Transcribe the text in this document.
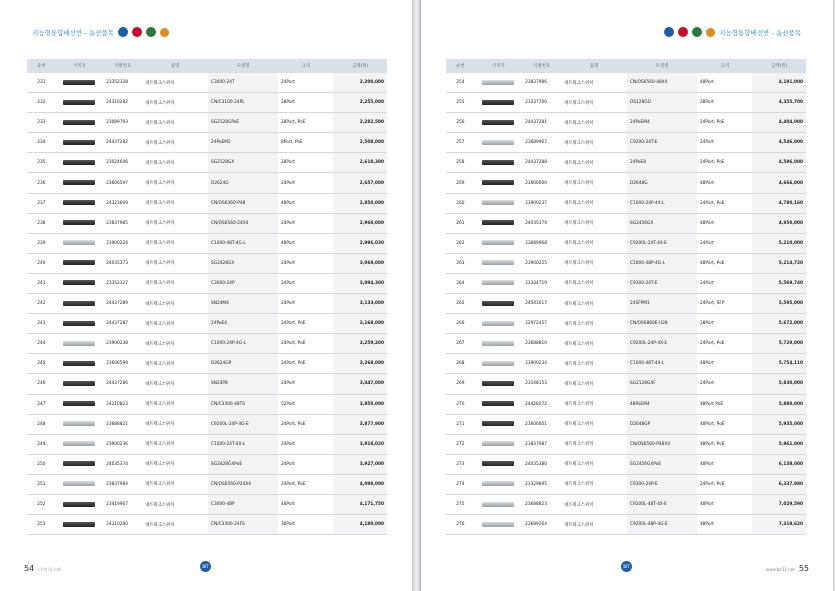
지능형통합배선반 - 옵션품목
순번	이미지	식별번호	품명	모델명	규격	금액(원)
231		23352328	네트워크스위치	C3000-24T	24Port	2,200,000
232		24310282	네트워크스위치	CN/C3100-24PL	28Port	2,255,000
233		23089793	네트워크스위치	SG2128GPoE	28Port, PoE	2,282,500
234		24437282	네트워크스위치	24PoEM2	8Port, PoE	2,508,000
235		23024646	네트워크스위치	SG2128GX	28Port	2,610,300
236		23606597	네트워크스위치	D2624G	24Port	2,657,000
237		24323609	네트워크스위치	CN/OS6360-P48	48Port	2,850,000
238		23837985	네트워크스위치	CN/OS6560-24X4	24Port	2,960,000
239		23900224	네트워크스위치	C1000-48T-4G-L	48Port	2,996,030
240		24035373	네트워크스위치	SG2428GX	24Port	3,069,000
241		23352327	네트워크스위치	C3000-24P	24Port	3,094,300
242		24437289	네트워크스위치	SN24M4	24Port	3,133,000
243		24437287	네트워크스위치	24PoE4	24Port, PoE	3,168,000
244		23900238	네트워크스위치	C1000-24P-4G-L	24Port, PoE	3,259,200
245		23606599	네트워크스위치	D2624GP	24Port, PoE	3,268,000
246		24437286	네트워크스위치	SN24P8	24Port	3,447,000
247		24210823	네트워크스위치	CN/C3300-48TS	52Port	3,850,000
248		23688821	네트워크스위치	C9200L-24P-4G-E	24Port, PoE	3,877,900
249		23900236	네트워크스위치	C1000-24T-4X-L	24Port	3,918,020
250		24035374	네트워크스위치	SG2428GXPoE	24Port	3,927,000
251		23837984	네트워크스위치	CN/OS6560-P24X4	24Port, PoE	4,098,000
252		23419967	네트워크스위치	C3000-48P	48Port	4,171,750
253		24310280	네트워크스위치	CN/C3300-24FS	36Port	4,180,000
54 (주)인포스테
BIT
지능형통합배선반 - 옵션품목
순번	이미지	식별번호	품명	모델명	규격	금액(원)
254		23837986	네트워크스위치	CN/OS6560-48X4	48Port	4,191,000
255		23237700	네트워크스위치	DS128GO	28Port	4,355,700
256		24437281	네트워크스위치	24PoEM4	24Port, PoE	4,404,000
257		23689967	네트워크스위치	C9200-24T-E	24Port	4,546,000
258		24437288	네트워크스위치	24PoE8	24Port, PoE	4,596,000
259		23606600	네트워크스위치	D2648G	48Port	4,666,000
260		23900237	네트워크스위치	C1000-24P-4X-L	24Port, PoE	4,780,160
261		24035379	네트워크스위치	SG2456GX	48Port	4,950,000
262		23689968	네트워크스위치	C9200L-24T-4X-E	24Port	5,210,000
263		23900225	네트워크스위치	C1000-48P-4G-L	48Port, PoE	5,214,720
264		23334719	네트워크스위치	C9300-24T-E	24Port	5,569,740
265		24541617	네트워크스위치	24SFPM1	24Port, SFP	5,595,000
266		22972457	네트워크스위치	CN/OS6860E-U28	28Port	5,672,000
267		23688810	네트워크스위치	C9200L-24P-4X-E	24Port, PoE	5,729,000
268		23900234	네트워크스위치	C1000-48T-4X-L	48Port	5,754,110
269		23148153	네트워크스위치	SG2128GXF	24Port	5,830,000
270		24428272	네트워크스위치	48PoEM4	48Port PoE	5,880,000
271		23606601	네트워크스위치	D2648GP	48Port, PoE	5,935,000
272		23837987	네트워크스위치	CN/OS6560-P48X4	48Port, PoE	5,961,000
273		24035380	네트워크스위치	SG2456GXPoE	48Port	6,138,000
274		23329895	네트워크스위치	C9300-24P-E	24Port, PoE	6,337,980
275		23688823	네트워크스위치	C9200L-48T-4X-E	48Port	7,029,590
276		23689264	네트워크스위치	C9200L-48P-4G-E	48Port	7,319,620
www.bit21.net 55
BIT
